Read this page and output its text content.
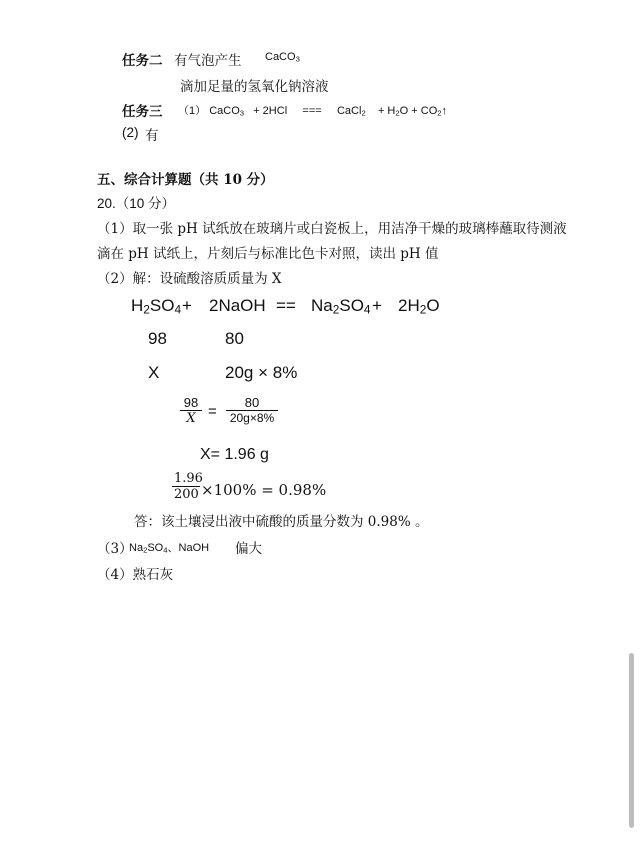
任务二 有气泡产生 CaCO$_3$
滴加足量的氢氧化钠溶液
任务三 （1） CaCO$_3$ + 2HCl === CaCl$_2$ + $H_2O$ + $CO_2↑$
(2) 有
五、综合计算题（共 10 分）
20.（10 分）
（1）取一张 pH 试纸放在玻璃片或白瓷板上，用洁净干燥的玻璃棒蘸取待测液
滴在 pH 试纸上，片刻后与标准比色卡对照，读出 pH 值
（2）解：设硫酸溶质质量为 X
$H_2SO_4$ + 2NaOH == $Na_2SO_4 + 2H_2O$
98	80
X	20g × 8%
98
X =
80
20g×8%
X= 1.96 g
1.96
200 ×100% = 0.98%
答：该土壤浸出液中硫酸的质量分数为 0.98% 。
（3）
$Na_2SO_4$、NaOH 偏大
（4）熟石灰
